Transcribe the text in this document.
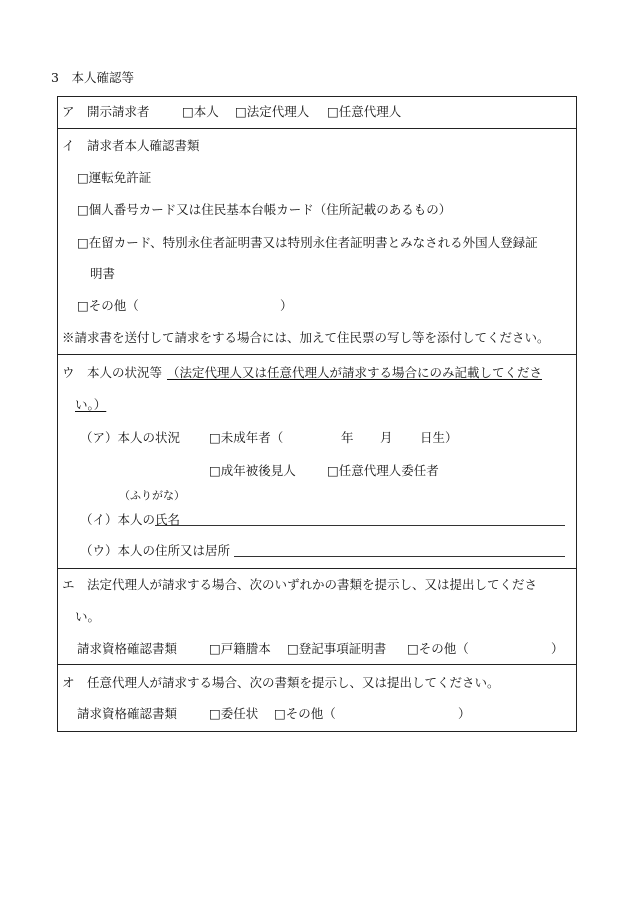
3　本人確認等
ア　開示請求者	□本人 □法定代理人 □任意代理人
イ　請求者本人確認書類
□運転免許証
□個人番号カード又は住民基本台帳カード（住所記載のあるもの）
□在留カード、特別永住者証明書又は特別永住者証明書とみなされる外国人登録証
明書
□その他（	）
※請求書を送付して請求をする場合には、加えて住民票の写し等を添付してください。
ウ　本人の状況等 （法定代理人又は任意代理人が請求する場合にのみ記載してくださ
い。）
（ア）本人の状況 □未成年者（	年 月 日生）
□成年被後見人 □任意代理人委任者
（ふりがな）
（イ）本人の氏名
（ウ）本人の住所又は居所
エ　法定代理人が請求する場合、次のいずれかの書類を提示し、又は提出してくださ
い。
請求資格確認書類	□戸籍謄本 □登記事項証明書 □その他（	）
オ　任意代理人が請求する場合、次の書類を提示し、又は提出してください。
請求資格確認書類	□委任状 □その他（	）
